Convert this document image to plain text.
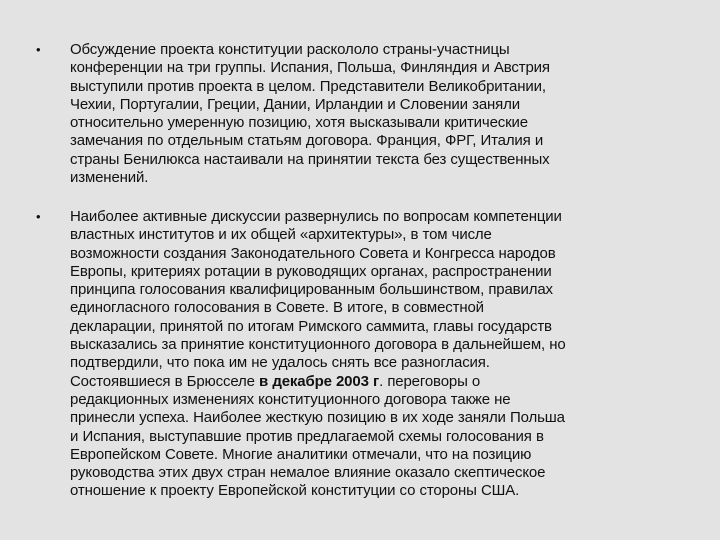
• Обсуждение проекта конституции раскололо страны-участницы
конференции на три группы. Испания, Польша, Финляндия и Австрия
выступили против проекта в целом. Представители Великобритании,
Чехии, Португалии, Греции, Дании, Ирландии и Словении заняли
относительно умеренную позицию, хотя высказывали критические
замечания по отдельным статьям договора. Франция, ФРГ, Италия и
страны Бенилюкса настаивали на принятии текста без существенных
изменений.

• Наиболее активные дискуссии развернулись по вопросам компетенции
властных институтов и их общей «архитектуры», в том числе
возможности создания Законодательного Совета и Конгресса народов
Европы, критериях ротации в руководящих органах, распространении
принципа голосования квалифицированным большинством, правилах
единогласного голосования в Совете. В итоге, в совместной
декларации, принятой по итогам Римского саммита, главы государств
высказались за принятие конституционного договора в дальнейшем, но
подтвердили, что пока им не удалось снять все разногласия.
Состоявшиеся в Брюсселе в декабре 2003 г. переговоры о
редакционных изменениях конституционного договора также не
принесли успеха. Наиболее жесткую позицию в их ходе заняли Польша
и Испания, выступавшие против предлагаемой схемы голосования в
Европейском Совете. Многие аналитики отмечали, что на позицию
руководства этих двух стран немалое влияние оказало скептическое
отношение к проекту Европейской конституции со стороны США.
